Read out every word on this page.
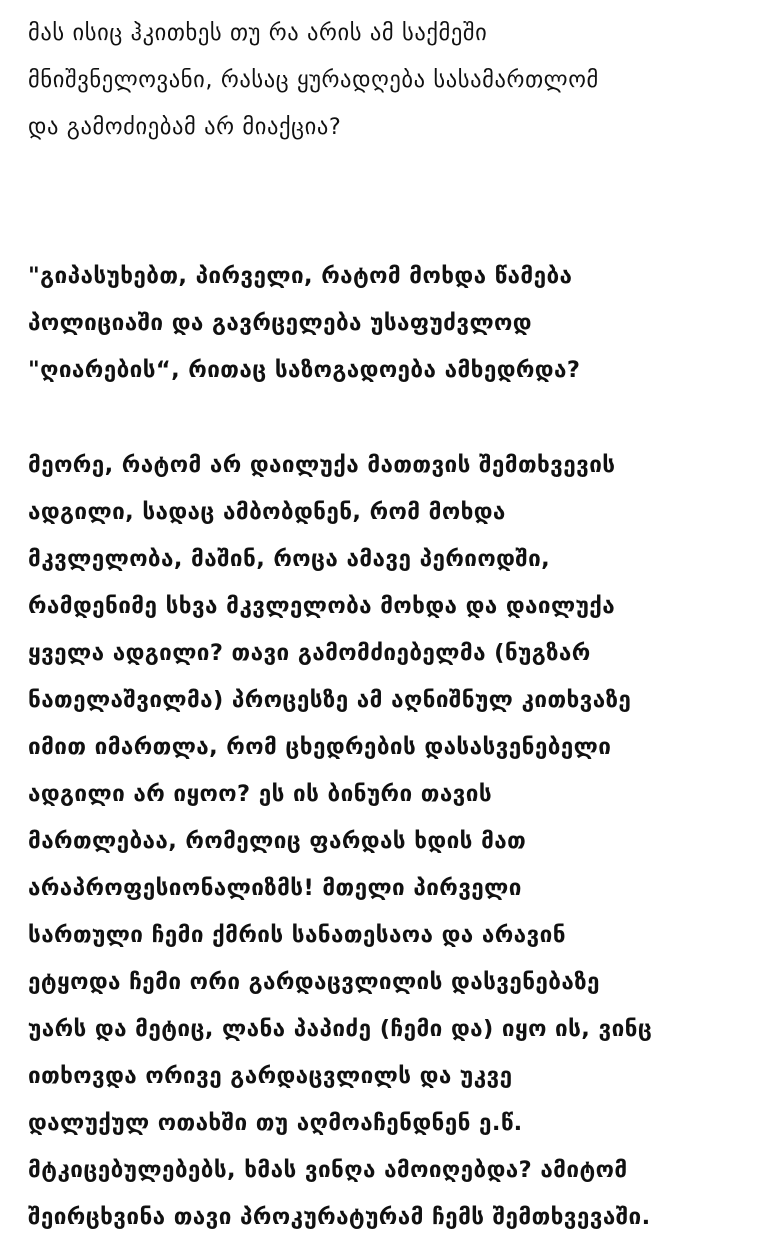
მას ისიც ჰკითხეს თუ რა არის ამ საქმეში
მნიშვნელოვანი, რასაც ყურადღება სასამართლომ
და გამოძიებამ არ მიაქცია?
"გიპასუხებთ, პირველი, რატომ მოხდა წამება
პოლიციაში და გავრცელება უსაფუძვლოდ
"ღიარების“, რითაც საზოგადოება ამხედრდა?
მეორე, რატომ არ დაილუქა მათთვის შემთხვევის
ადგილი, სადაც ამბობდნენ, რომ მოხდა
მკვლელობა, მაშინ, როცა ამავე პერიოდში,
რამდენიმე სხვა მკვლელობა მოხდა და დაილუქა
ყველა ადგილი? თავი გამომძიებელმა (ნუგზარ
ნათელაშვილმა) პროცესზე ამ აღნიშნულ კითხვაზე
იმით იმართლა, რომ ცხედრების დასასვენებელი
ადგილი არ იყოო? ეს ის ბინური თავის
მართლებაა, რომელიც ფარდას ხდის მათ
არაპროფესიონალიზმს! მთელი პირველი
სართული ჩემი ქმრის სანათესაოა და არავინ
ეტყოდა ჩემი ორი გარდაცვლილის დასვენებაზე
უარს და მეტიც, ლანა პაპიძე (ჩემი და) იყო ის, ვინც
ითხოვდა ორივე გარდაცვლილს და უკვე
დალუქულ ოთახში თუ აღმოაჩენდნენ ე.წ.
მტკიცებულებებს, ხმას ვინღა ამოიღებდა? ამიტომ
შეირცხვინა თავი პროკურატურამ ჩემს შემთხვევაში.
